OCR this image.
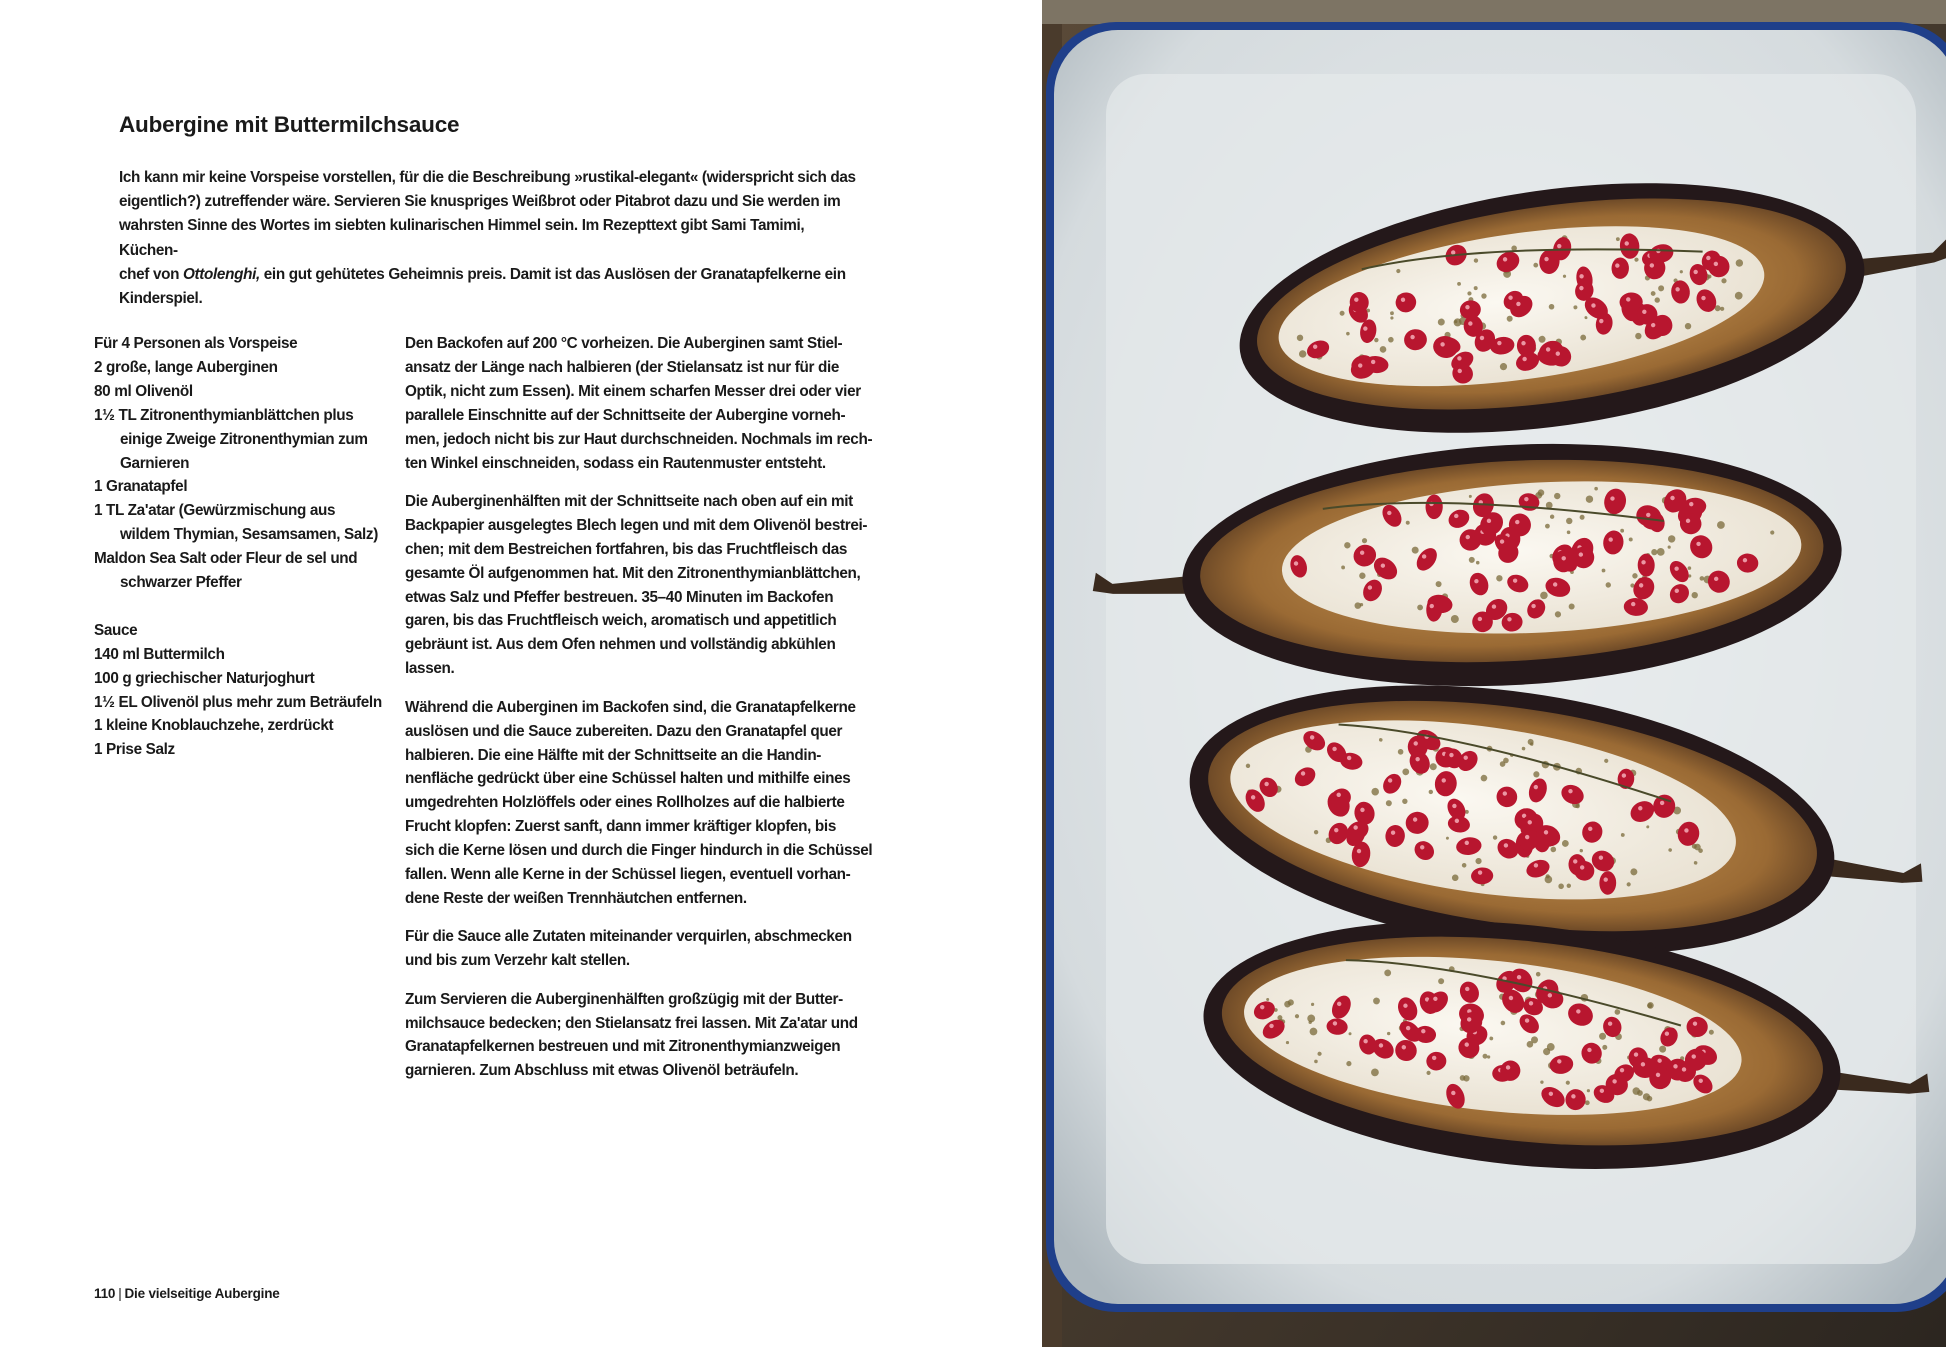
Aubergine mit Buttermilchsauce
Ich kann mir keine Vorspeise vorstellen, für die die Beschreibung »rustikal-elegant« (widerspricht sich das
eigentlich?) zutreffender wäre. Servieren Sie knuspriges Weißbrot oder Pitabrot dazu und Sie werden im
wahrsten Sinne des Wortes im siebten kulinarischen Himmel sein. Im Rezepttext gibt Sami Tamimi, Küchen-
chef von Ottolenghi, ein gut gehütetes Geheimnis preis. Damit ist das Auslösen der Granatapfelkerne ein
Kinderspiel.
Für 4 Personen als Vorspeise
2 große, lange Auberginen
80 ml Olivenöl
1½ TL Zitronenthymianblättchen plus
einige Zweige Zitronenthymian zum
Garnieren
1 Granatapfel
1 TL Za'atar (Gewürzmischung aus
wildem Thymian, Sesamsamen, Salz)
Maldon Sea Salt oder Fleur de sel und
schwarzer Pfeffer
Sauce
140 ml Buttermilch
100 g griechischer Naturjoghurt
1½ EL Olivenöl plus mehr zum Beträufeln
1 kleine Knoblauchzehe, zerdrückt
1 Prise Salz

Den Backofen auf 200 °C vorheizen. Die Auberginen samt Stiel-
ansatz der Länge nach halbieren (der Stielansatz ist nur für die
Optik, nicht zum Essen). Mit einem scharfen Messer drei oder vier
parallele Einschnitte auf der Schnittseite der Aubergine vorneh-
men, jedoch nicht bis zur Haut durchschneiden. Nochmals im rech-
ten Winkel einschneiden, sodass ein Rautenmuster entsteht.

Die Auberginenhälften mit der Schnittseite nach oben auf ein mit
Backpapier ausgelegtes Blech legen und mit dem Olivenöl bestrei-
chen; mit dem Bestreichen fortfahren, bis das Fruchtfleisch das
gesamte Öl aufgenommen hat. Mit den Zitronenthymianblättchen,
etwas Salz und Pfeffer bestreuen. 35–40 Minuten im Backofen
garen, bis das Fruchtfleisch weich, aromatisch und appetitlich
gebräunt ist. Aus dem Ofen nehmen und vollständig abkühlen
lassen.

Während die Auberginen im Backofen sind, die Granatapfelkerne
auslösen und die Sauce zubereiten. Dazu den Granatapfel quer
halbieren. Die eine Hälfte mit der Schnittseite an die Handin-
nenfläche gedrückt über eine Schüssel halten und mithilfe eines
umgedrehten Holzlöffels oder eines Rollholzes auf die halbierte
Frucht klopfen: Zuerst sanft, dann immer kräftiger klopfen, bis
sich die Kerne lösen und durch die Finger hindurch in die Schüssel
fallen. Wenn alle Kerne in der Schüssel liegen, eventuell vorhan-
dene Reste der weißen Trennhäutchen entfernen.

Für die Sauce alle Zutaten miteinander verquirlen, abschmecken
und bis zum Verzehr kalt stellen.

Zum Servieren die Auberginenhälften großzügig mit der Butter-
milchsauce bedecken; den Stielansatz frei lassen. Mit Za'atar und
Granatapfelkernen bestreuen und mit Zitronenthymianzweigen
garnieren. Zum Abschluss mit etwas Olivenöl beträufeln.

110 | Die vielseitige Aubergine
